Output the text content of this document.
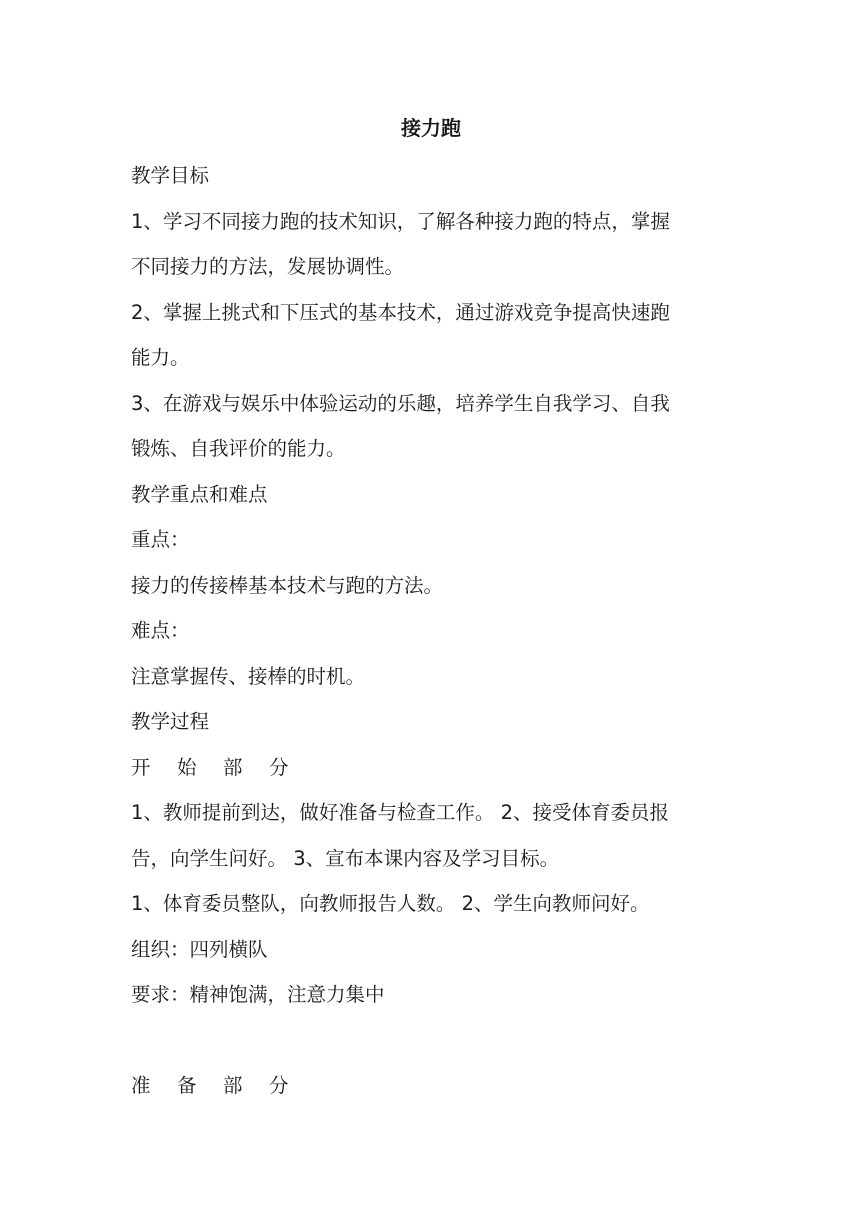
接力跑
教学目标
1、学习不同接力跑的技术知识，了解各种接力跑的特点，掌握
不同接力的方法，发展协调性。
2、掌握上挑式和下压式的基本技术，通过游戏竞争提高快速跑
能力。
3、在游戏与娱乐中体验运动的乐趣，培养学生自我学习、自我
锻炼、自我评价的能力。
教学重点和难点
重点：
接力的传接棒基本技术与跑的方法。
难点：
注意掌握传、接棒的时机。
教学过程
开 始 部 分
1、教师提前到达，做好准备与检查工作。 2、接受体育委员报
告，向学生问好。 3、宣布本课内容及学习目标。
1、体育委员整队，向教师报告人数。 2、学生向教师问好。
组织：四列横队
要求：精神饱满，注意力集中
准 备 部 分
